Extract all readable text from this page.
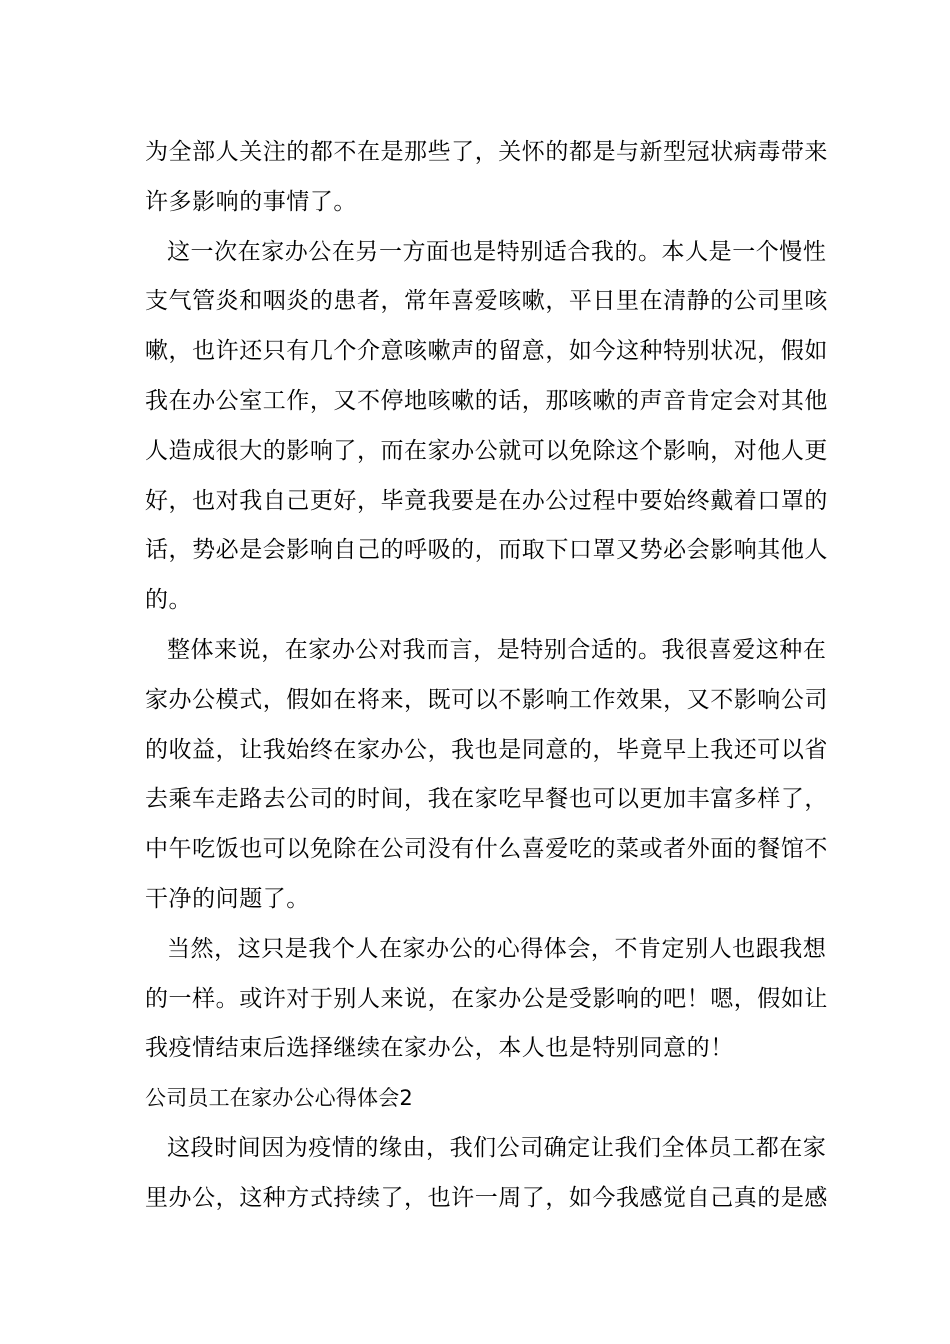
为全部人关注的都不在是那些了，关怀的都是与新型冠状病毒带来
许多影响的事情了。
这一次在家办公在另一方面也是特别适合我的。本人是一个慢性
支气管炎和咽炎的患者，常年喜爱咳嗽，平日里在清静的公司里咳
嗽，也许还只有几个介意咳嗽声的留意，如今这种特别状况，假如
我在办公室工作，又不停地咳嗽的话，那咳嗽的声音肯定会对其他
人造成很大的影响了，而在家办公就可以免除这个影响，对他人更
好，也对我自己更好，毕竟我要是在办公过程中要始终戴着口罩的
话，势必是会影响自己的呼吸的，而取下口罩又势必会影响其他人
的。
整体来说，在家办公对我而言，是特别合适的。我很喜爱这种在
家办公模式，假如在将来，既可以不影响工作效果，又不影响公司
的收益，让我始终在家办公，我也是同意的，毕竟早上我还可以省
去乘车走路去公司的时间，我在家吃早餐也可以更加丰富多样了，
中午吃饭也可以免除在公司没有什么喜爱吃的菜或者外面的餐馆不
干净的问题了。
当然，这只是我个人在家办公的心得体会，不肯定别人也跟我想
的一样。或许对于别人来说，在家办公是受影响的吧！嗯，假如让
我疫情结束后选择继续在家办公，本人也是特别同意的！
公司员工在家办公心得体会2
这段时间因为疫情的缘由，我们公司确定让我们全体员工都在家
里办公，这种方式持续了，也许一周了，如今我感觉自己真的是感
